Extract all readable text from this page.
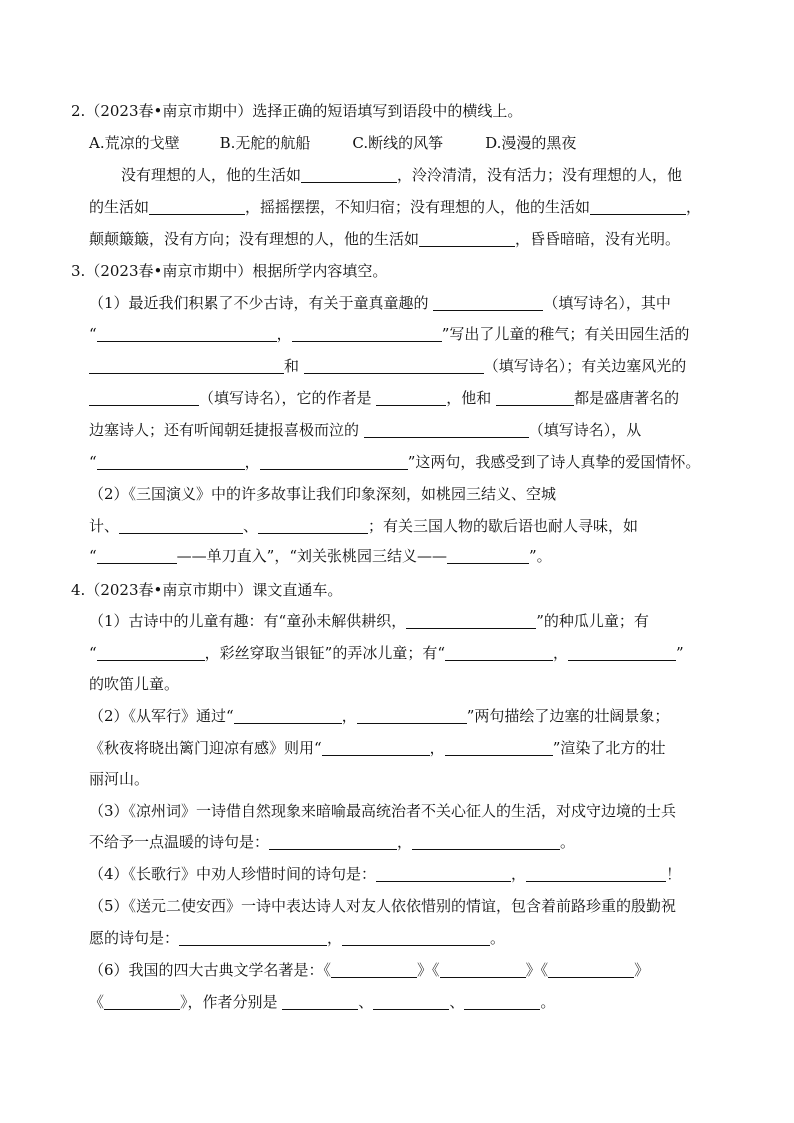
2.（2023春•南京市期中）选择正确的短语填写到语段中的横线上。
A.荒凉的戈壁	B.无舵的航船	C.断线的风筝	D.漫漫的黑夜
没有理想的人，他的生活如	，泠泠清清，没有活力；没有理想的人，他
的生活如	，摇摇摆摆，不知归宿；没有理想的人，他的生活如	，
颠颠簸簸，没有方向；没有理想的人，他的生活如	，昏昏暗暗，没有光明。
3.（2023春•南京市期中）根据所学内容填空。
（1）最近我们积累了不少古诗，有关于童真童趣的	（填写诗名），其中
“	，	”写出了儿童的稚气；有关田园生活的
和	（填写诗名）；有关边塞风光的
（填写诗名），它的作者是	，他和	都是盛唐著名的
边塞诗人；还有听闻朝廷捷报喜极而泣的	（填写诗名），从
“	，	”这两句，我感受到了诗人真挚的爱国情怀。
（2）《三国演义》中的许多故事让我们印象深刻，如桃园三结义、空城
计、	、	；有关三国人物的歇后语也耐人寻味，如
“	——单刀直入”，“刘关张桃园三结义——	”。
4.（2023春•南京市期中）课文直通车。
（1）古诗中的儿童有趣：有“童孙未解供耕织，	”的种瓜儿童；有
“	，彩丝穿取当银钲”的弄冰儿童；有“	，	”
的吹笛儿童。
（2）《从军行》通过“	，	”两句描绘了边塞的壮阔景象；
《秋夜将晓出篱门迎凉有感》则用“	，	”渲染了北方的壮
丽河山。
（3）《凉州词》一诗借自然现象来暗喻最高统治者不关心征人的生活，对戍守边境的士兵
不给予一点温暖的诗句是：	，	。
（4）《长歌行》中劝人珍惜时间的诗句是：	，	！
（5）《送元二使安西》一诗中表达诗人对友人依依惜别的情谊，包含着前路珍重的殷勤祝
愿的诗句是：	，	。
（6）我国的四大古典文学名著是：《	》《	》《	》
《	》，作者分别是	、	、	。
